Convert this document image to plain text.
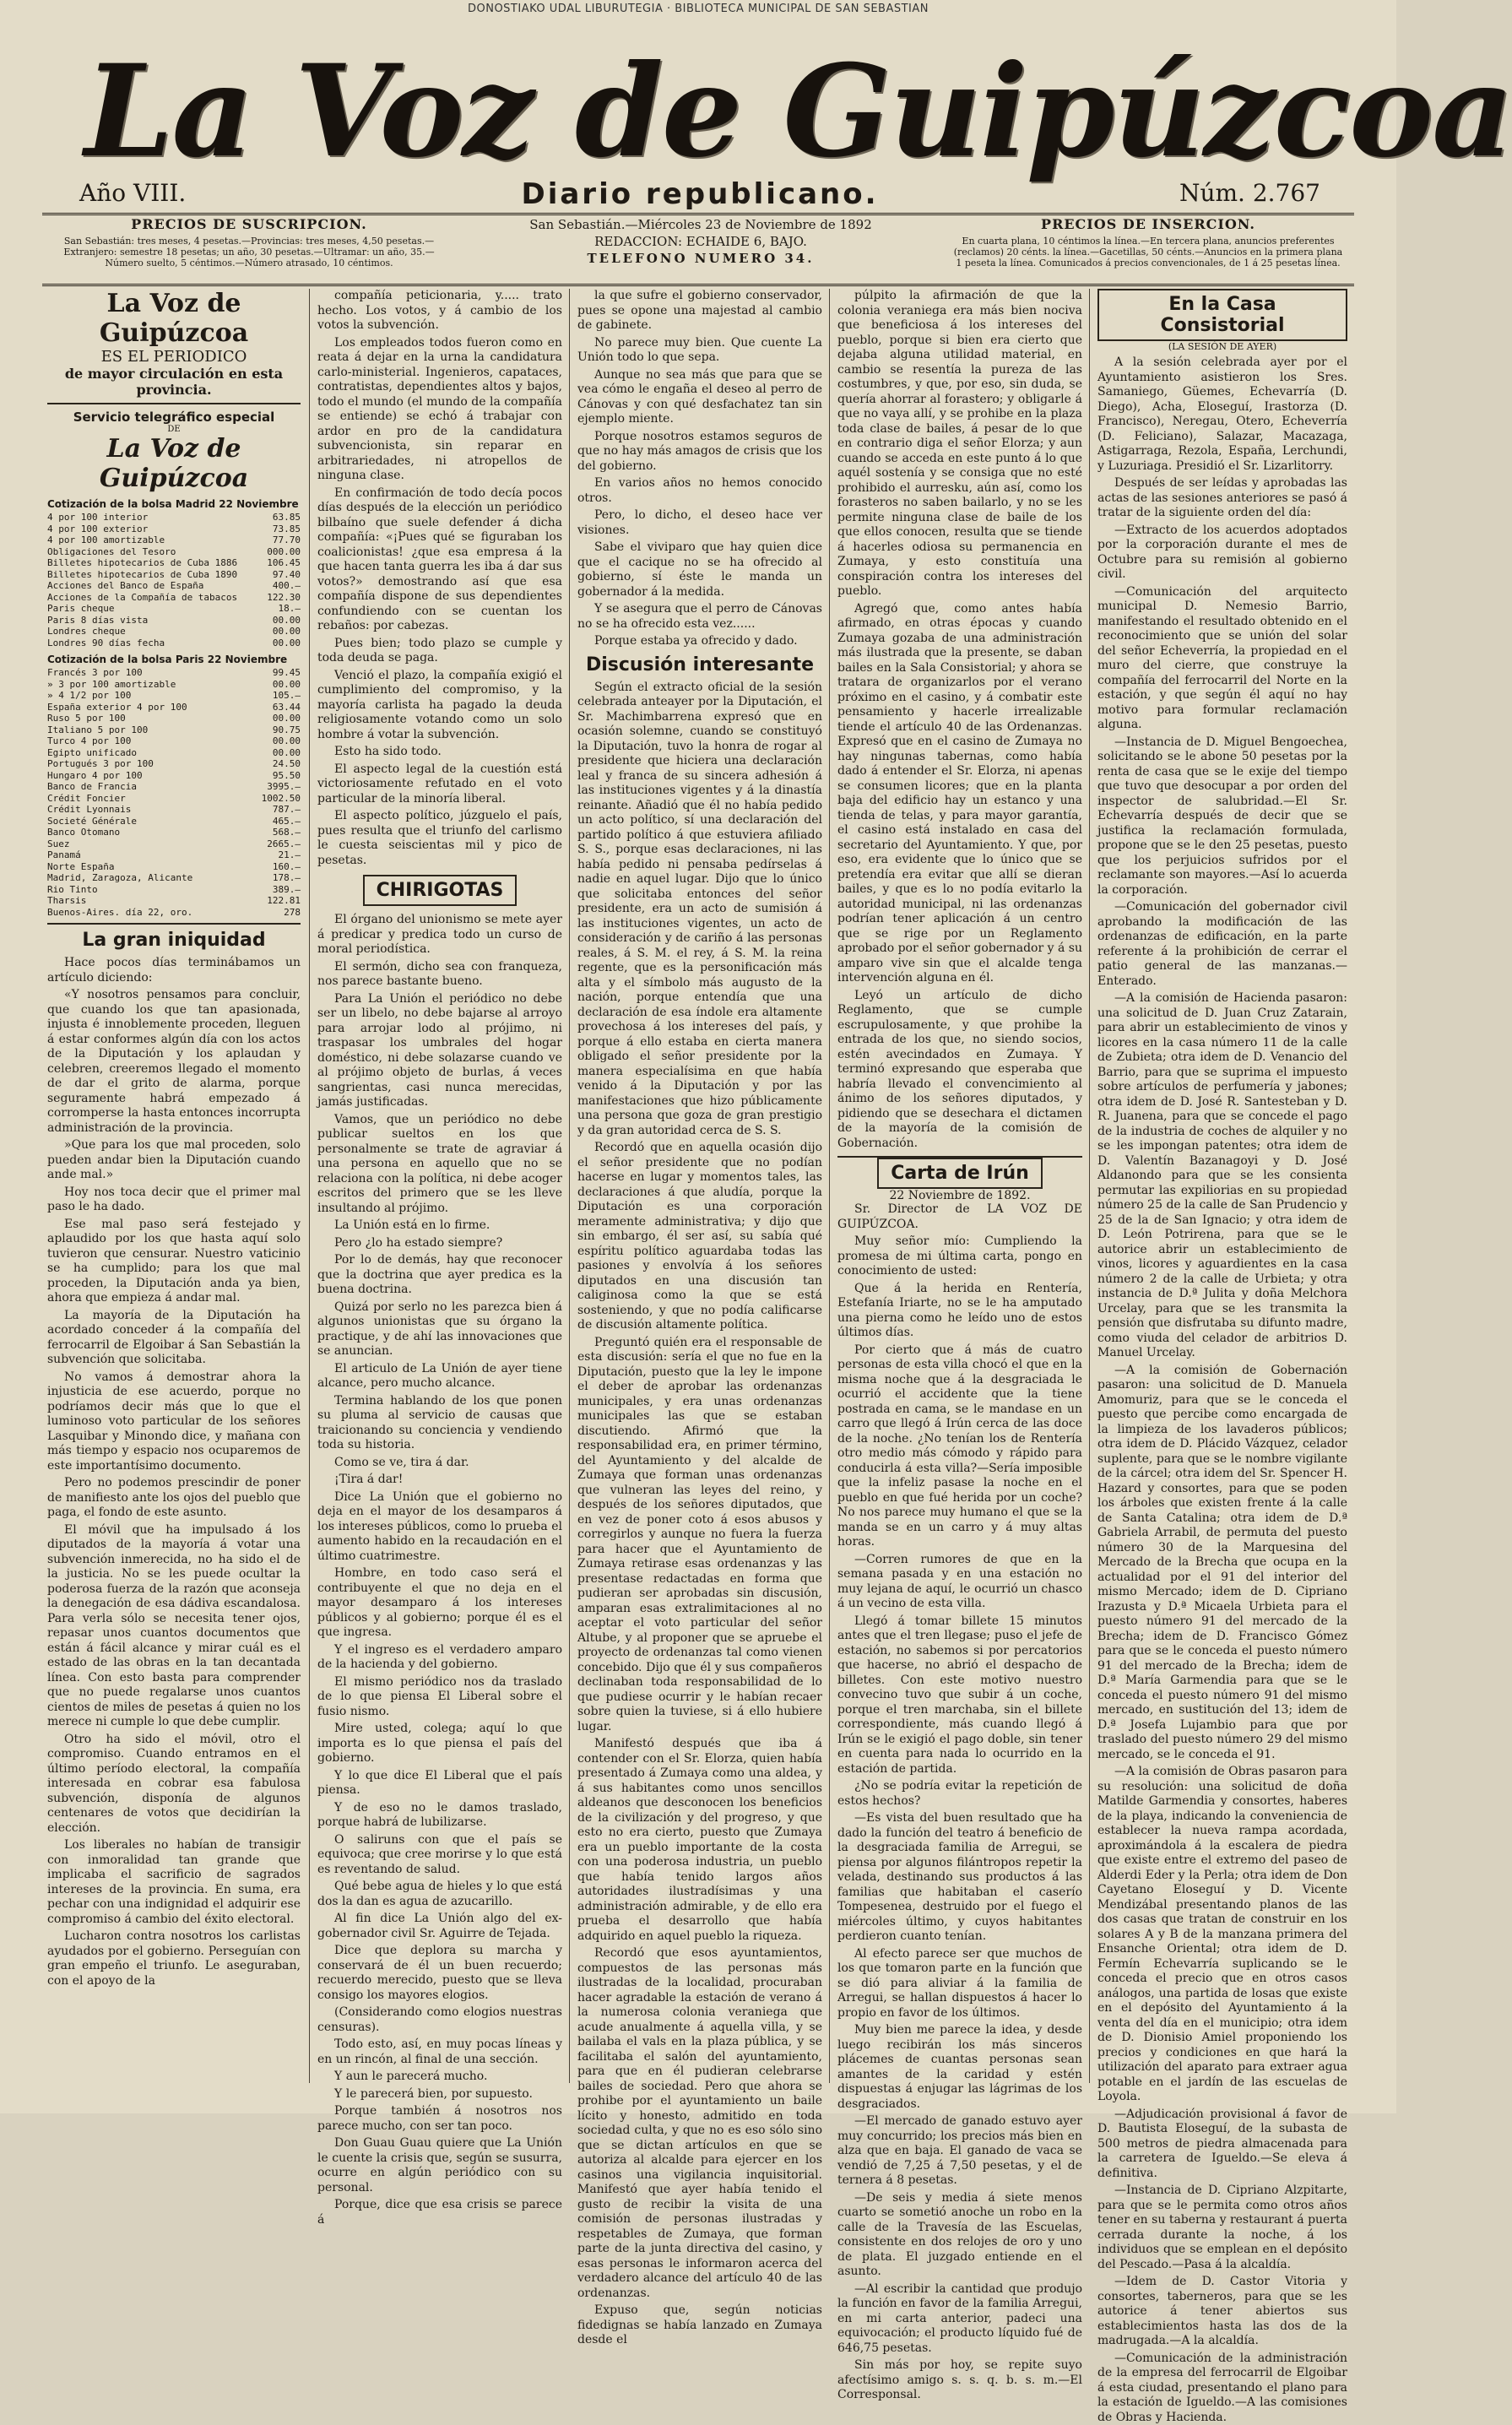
DONOSTIAKO UDAL LIBURUTEGIA · BIBLIOTECA MUNICIPAL DE SAN SEBASTIAN
La Voz de Guipúzcoa
Año VIII.	Diario republicano.	Núm. 2.767
PRECIOS DE SUSCRIPCION.
San Sebastián: tres meses, 4 pesetas.—Provincias: tres meses, 4,50 pesetas.—Extranjero: semestre 18 pesetas; un año, 30 pesetas.—Ultramar: un año, 35.—Número suelto, 5 céntimos.—Número atrasado, 10 céntimos.
San Sebastián.—Miércoles 23 de Noviembre de 1892
REDACCION: ECHAIDE 6, BAJO.
TELEFONO NUMERO 34.
PRECIOS DE INSERCION.
En cuarta plana, 10 céntimos la línea.—En tercera plana, anuncios preferentes (reclamos) 20 cénts. la línea.—Gacetillas, 50 cénts.—Anuncios en la primera plana 1 peseta la línea. Comunicados á precios convencionales, de 1 á 25 pesetas línea.
La Voz de Guipúzcoa
ES EL PERIODICO
de mayor circulación en esta provincia.
Servicio telegráfico especial
DE
La Voz de Guipúzcoa
Cotización de la bolsa Madrid 22 Noviembre
4 por 100 interior	63.85
4 por 100 exterior	73.85
4 por 100 amortizable	77.70
Obligaciones del Tesoro	000.00
Billetes hipotecarios de Cuba 1886	106.45
Billetes hipotecarios de Cuba 1890	97.40
Acciones del Banco de España	400.—
Acciones de la Compañía de tabacos	122.30
Paris cheque	18.—
Paris 8 días vista	00.00
Londres cheque	00.00
Londres 90 días fecha	00.00
Cotización de la bolsa Paris 22 Noviembre
Francés 3 por 100	99.45
» 3 por 100 amortizable	00.00
» 4 1/2 por 100	105.—
España exterior 4 por 100	63.44
Ruso 5 por 100	00.00
Italiano 5 por 100	90.75
Turco 4 por 100	00.00
Egipto unificado	00.00
Portugués 3 por 100	24.50
Hungaro 4 por 100	95.50
Banco de Francia	3995.—
Crédit Foncier	1002.50
Crédit Lyonnais	787.—
Societé Générale	465.—
Banco Otomano	568.—
Suez	2665.—
Panamá	21.—
Norte España	160.—
Madrid, Zaragoza, Alicante	178.—
Rio Tinto	389.—
Tharsis	122.81
Buenos-Aires. día 22, oro.	278
La gran iniquidad

Hace pocos días terminábamos un artículo diciendo:

«Y nosotros pensamos para concluir, que cuando los que tan apasionada, injusta é innoblemente proceden, lleguen á estar conformes algún día con los actos de la Diputación y los aplaudan y celebren, creeremos llegado el momento de dar el grito de alarma, porque seguramente habrá empezado á corromperse la hasta entonces incorrupta administración de la provincia.

»Que para los que mal proceden, solo pueden andar bien la Diputación cuando ande mal.»

Hoy nos toca decir que el primer mal paso le ha dado.

Ese mal paso será festejado y aplaudido por los que hasta aquí solo tuvieron que censurar. Nuestro vaticinio se ha cumplido; para los que mal proceden, la Diputación anda ya bien, ahora que empieza á andar mal.

La mayoría de la Diputación ha acordado conceder á la compañía del ferrocarril de Elgoibar á San Sebastián la subvención que solicitaba.

No vamos á demostrar ahora la injusticia de ese acuerdo, porque no podríamos decir más que lo que el luminoso voto particular de los señores Lasquibar y Minondo dice, y mañana con más tiempo y espacio nos ocuparemos de este importantísimo documento.

Pero no podemos prescindir de poner de manifiesto ante los ojos del pueblo que paga, el fondo de este asunto.

El móvil que ha impulsado á los diputados de la mayoría á votar una subvención inmerecida, no ha sido el de la justicia. No se les puede ocultar la poderosa fuerza de la razón que aconseja la denegación de esa dádiva escandalosa. Para verla sólo se necesita tener ojos, repasar unos cuantos documentos que están á fácil alcance y mirar cuál es el estado de las obras en la tan decantada línea. Con esto basta para comprender que no puede regalarse unos cuantos cientos de miles de pesetas á quien no los merece ni cumple lo que debe cumplir.

Otro ha sido el móvil, otro el compromiso. Cuando entramos en el último período electoral, la compañía interesada en cobrar esa fabulosa subvención, disponía de algunos centenares de votos que decidirían la elección.

Los liberales no habían de transigir con inmoralidad tan grande que implicaba el sacrificio de sagrados intereses de la provincia. En suma, era pechar con una indignidad el adquirir ese compromiso á cambio del éxito electoral.

Lucharon contra nosotros los carlistas ayudados por el gobierno. Perseguían con gran empeño el triunfo. Le aseguraban, con el apoyo de la

compañía peticionaria, y..... trato hecho. Los votos, y á cambio de los votos la subvención.

Los empleados todos fueron como en reata á dejar en la urna la candidatura carlo-ministerial. Ingenieros, capataces, contratistas, dependientes altos y bajos, todo el mundo (el mundo de la compañía se entiende) se echó á trabajar con ardor en pro de la candidatura subvencionista, sin reparar en arbitrariedades, ni atropellos de ninguna clase.

En confirmación de todo decía pocos días después de la elección un periódico bilbaíno que suele defender á dicha compañía: «¡Pues qué se figuraban los coalicionistas! ¿que esa empresa á la que hacen tanta guerra les iba á dar sus votos?» demostrando así que esa compañía dispone de sus dependientes confundiendo con se cuentan los rebaños: por cabezas.

Pues bien; todo plazo se cumple y toda deuda se paga.

Venció el plazo, la compañía exigió el cumplimiento del compromiso, y la mayoría carlista ha pagado la deuda religiosamente votando como un solo hombre á votar la subvención.

Esto ha sido todo.

El aspecto legal de la cuestión está victoriosamente refutado en el voto particular de la minoría liberal.

El aspecto político, júzguelo el país, pues resulta que el triunfo del carlismo le cuesta seiscientas mil y pico de pesetas.

CHIRIGOTAS

El órgano del unionismo se mete ayer á predicar y predica todo un curso de moral periodística.

El sermón, dicho sea con franqueza, nos parece bastante bueno.

Para La Unión el periódico no debe ser un libelo, no debe bajarse al arroyo para arrojar lodo al prójimo, ni traspasar los umbrales del hogar doméstico, ni debe solazarse cuando ve al prójimo objeto de burlas, á veces sangrientas, casi nunca merecidas, jamás justificadas.

Vamos, que un periódico no debe publicar sueltos en los que personalmente se trate de agraviar á una persona en aquello que no se relaciona con la política, ni debe acoger escritos del primero que se les lleve insultando al prójimo.

La Unión está en lo firme.

Pero ¿lo ha estado siempre?

Por lo de demás, hay que reconocer que la doctrina que ayer predica es la buena doctrina.

Quizá por serlo no les parezca bien á algunos unionistas que su órgano la practique, y de ahí las innovaciones que se anuncian.

El articulo de La Unión de ayer tiene alcance, pero mucho alcance.

Termina hablando de los que ponen su pluma al servicio de causas que traicionando su conciencia y vendiendo toda su historia.

Como se ve, tira á dar.

¡Tira á dar!

Dice La Unión que el gobierno no deja en el mayor de los desamparos á los intereses públicos, como lo prueba el aumento habido en la recaudación en el último cuatrimestre.

Hombre, en todo caso será el contribuyente el que no deja en el mayor desamparo á los intereses públicos y al gobierno; porque él es el que ingresa.

Y el ingreso es el verdadero amparo de la hacienda y del gobierno.

El mismo periódico nos da traslado de lo que piensa El Liberal sobre el fusio nismo.

Mire usted, colega; aquí lo que importa es lo que piensa el país del gobierno.

Y lo que dice El Liberal que el país piensa.

Y de eso no le damos traslado, porque habrá de lubilizarse.

O saliruns con que el país se equivoca; que cree morirse y lo que está es reventando de salud.

Qué bebe agua de hieles y lo que está dos la dan es agua de azucarillo.

Al fin dice La Unión algo del ex-gobernador civil Sr. Aguirre de Tejada.

Dice que deplora su marcha y conservará de él un buen recuerdo; recuerdo merecido, puesto que se lleva consigo los mayores elogios.

(Considerando como elogios nuestras censuras).

Todo esto, así, en muy pocas líneas y en un rincón, al final de una sección.

Y aun le parecerá mucho.

Y le parecerá bien, por supuesto.

Porque también á nosotros nos parece mucho, con ser tan poco.

Don Guau Guau quiere que La Unión le cuente la crisis que, según se susurra, ocurre en algún periódico con su personal.

Porque, dice que esa crisis se parece á

la que sufre el gobierno conservador, pues se opone una majestad al cambio de gabinete.

No parece muy bien. Que cuente La Unión todo lo que sepa.

Aunque no sea más que para que se vea cómo le engaña el deseo al perro de Cánovas y con qué desfachatez tan sin ejemplo miente.

Porque nosotros estamos seguros de que no hay más amagos de crisis que los del gobierno.

En varios años no hemos conocido otros.

Pero, lo dicho, el deseo hace ver visiones.

Sabe el viviparo que hay quien dice que el cacique no se ha ofrecido al gobierno, sí éste le manda un gobernador á la medida.

Y se asegura que el perro de Cánovas no se ha ofrecido esta vez......

Porque estaba ya ofrecido y dado.

Discusión interesante

Según el extracto oficial de la sesión celebrada anteayer por la Diputación, el Sr. Machimbarrena expresó que en ocasión solemne, cuando se constituyó la Diputación, tuvo la honra de rogar al presidente que hiciera una declaración leal y franca de su sincera adhesión á las instituciones vigentes y á la dinastía reinante. Añadió que él no había pedido un acto político, sí una declaración del partido político á que estuviera afiliado S. S., porque esas declaraciones, ni las había pedido ni pensaba pedírselas á nadie en aquel lugar. Dijo que lo único que solicitaba entonces del señor presidente, era un acto de sumisión á las instituciones vigentes, un acto de consideración y de cariño á las personas reales, á S. M. el rey, á S. M. la reina regente, que es la personificación más alta y el símbolo más augusto de la nación, porque entendía que una declaración de esa índole era altamente provechosa á los intereses del país, y porque á ello estaba en cierta manera obligado el señor presidente por la manera especialísima en que había venido á la Diputación y por las manifestaciones que hizo públicamente una persona que goza de gran prestigio y da gran autoridad cerca de S. S.

Recordó que en aquella ocasión dijo el señor presidente que no podían hacerse en lugar y momentos tales, las declaraciones á que aludía, porque la Diputación es una corporación meramente administrativa; y dijo que sin embargo, él ser así, su sabía qué espíritu político aguardaba todas las pasiones y envolvía á los señores diputados en una discusión tan caliginosa como la que se está sosteniendo, y que no podía calificarse de discusión altamente política.

Preguntó quién era el responsable de esta discusión: sería el que no fue en la Diputación, puesto que la ley le impone el deber de aprobar las ordenanzas municipales, y era unas ordenanzas municipales las que se estaban discutiendo. Afirmó que la responsabilidad era, en primer término, del Ayuntamiento y del alcalde de Zumaya que forman unas ordenanzas que vulneran las leyes del reino, y después de los señores diputados, que en vez de poner coto á esos abusos y corregirlos y aunque no fuera la fuerza para hacer que el Ayuntamiento de Zumaya retirase esas ordenanzas y las presentase redactadas en forma que pudieran ser aprobadas sin discusión, amparan esas extralimitaciones al no aceptar el voto particular del señor Altube, y al proponer que se apruebe el proyecto de ordenanzas tal como vienen concebido. Dijo que él y sus compañeros declinaban toda responsabilidad de lo que pudiese ocurrir y le habían recaer sobre quien la tuviese, si á ello hubiere lugar.

Manifestó después que iba á contender con el Sr. Elorza, quien había presentado á Zumaya como una aldea, y á sus habitantes como unos sencillos aldeanos que desconocen los beneficios de la civilización y del progreso, y que esto no era cierto, puesto que Zumaya era un pueblo importante de la costa con una poderosa industria, un pueblo que había tenido largos años autoridades ilustradísimas y una administración admirable, y de ello era prueba el desarrollo que había adquirido en aquel pueblo la riqueza.

Recordó que esos ayuntamientos, compuestos de las personas más ilustradas de la localidad, procuraban hacer agradable la estación de verano á la numerosa colonia veraniega que acude anualmente á aquella villa, y se bailaba el vals en la plaza pública, y se facilitaba el salón del ayuntamiento, para que en él pudieran celebrarse bailes de sociedad. Pero que ahora se prohibe por el ayuntamiento un baile lícito y honesto, admitido en toda sociedad culta, y que no es eso sólo sino que se dictan artículos en que se autoriza al alcalde para ejercer en los casinos una vigilancia inquisitorial. Manifestó que ayer había tenido el gusto de recibir la visita de una comisión de personas ilustradas y respetables de Zumaya, que forman parte de la junta directiva del casino, y esas personas le informaron acerca del verdadero alcance del artículo 40 de las ordenanzas.

Expuso que, según noticias fidedignas se había lanzado en Zumaya desde el

púlpito la afirmación de que la colonia veraniega era más bien nociva que beneficiosa á los intereses del pueblo, porque si bien era cierto que dejaba alguna utilidad material, en cambio se resentía la pureza de las costumbres, y que, por eso, sin duda, se quería ahorrar al forastero; y obligarle á que no vaya allí, y se prohibe en la plaza toda clase de bailes, á pesar de lo que en contrario diga el señor Elorza; y aun cuando se acceda en este punto á lo que aquél sostenía y se consiga que no esté prohibido el aurresku, aún así, como los forasteros no saben bailarlo, y no se les permite ninguna clase de baile de los que ellos conocen, resulta que se tiende á hacerles odiosa su permanencia en Zumaya, y esto constituía una conspiración contra los intereses del pueblo.

Agregó que, como antes había afirmado, en otras épocas y cuando Zumaya gozaba de una administración más ilustrada que la presente, se daban bailes en la Sala Consistorial; y ahora se tratara de organizarlos por el verano próximo en el casino, y á combatir este pensamiento y hacerle irrealizable tiende el artículo 40 de las Ordenanzas. Expresó que en el casino de Zumaya no hay ningunas tabernas, como había dado á entender el Sr. Elorza, ni apenas se consumen licores; que en la planta baja del edificio hay un estanco y una tienda de telas, y para mayor garantía, el casino está instalado en casa del secretario del Ayuntamiento. Y que, por eso, era evidente que lo único que se pretendía era evitar que allí se dieran bailes, y que es lo no podía evitarlo la autoridad municipal, ni las ordenanzas podrían tener aplicación á un centro que se rige por un Reglamento aprobado por el señor gobernador y á su amparo vive sin que el alcalde tenga intervención alguna en él.

Leyó un artículo de dicho Reglamento, que se cumple escrupulosamente, y que prohibe la entrada de los que, no siendo socios, estén avecindados en Zumaya. Y terminó expresando que esperaba que habría llevado el convencimiento al ánimo de los señores diputados, y pidiendo que se desechara el dictamen de la mayoría de la comisión de Gobernación.

Carta de Irún
22 Noviembre de 1892.

Sr. Director de LA VOZ DE GUIPÚZCOA.

Muy señor mío: Cumpliendo la promesa de mi última carta, pongo en conocimiento de usted:

Que á la herida en Rentería, Estefanía Iriarte, no se le ha amputado una pierna como he leído uno de estos últimos días.

Por cierto que á más de cuatro personas de esta villa chocó el que en la misma noche que á la desgraciada le ocurrió el accidente que la tiene postrada en cama, se le mandase en un carro que llegó á Irún cerca de las doce de la noche. ¿No tenían los de Rentería otro medio más cómodo y rápido para conducirla á esta villa?—Sería imposible que la infeliz pasase la noche en el pueblo en que fué herida por un coche? No nos parece muy humano el que se la manda se en un carro y á muy altas horas.

—Corren rumores de que en la semana pasada y en una estación no muy lejana de aquí, le ocurrió un chasco á un vecino de esta villa.

Llegó á tomar billete 15 minutos antes que el tren llegase; puso el jefe de estación, no sabemos si por percatorios que hacerse, no abrió el despacho de billetes. Con este motivo nuestro convecino tuvo que subir á un coche, porque el tren marchaba, sin el billete correspondiente, más cuando llegó á Irún se le exigió el pago doble, sin tener en cuenta para nada lo ocurrido en la estación de partida.

¿No se podría evitar la repetición de estos hechos?

—Es vista del buen resultado que ha dado la función del teatro á beneficio de la desgraciada familia de Arregui, se piensa por algunos filántropos repetir la velada, destinando sus productos á las familias que habitaban el caserío Tompesenea, destruido por el fuego el miércoles último, y cuyos habitantes perdieron cuanto tenían.

Al efecto parece ser que muchos de los que tomaron parte en la función que se dió para aliviar á la familia de Arregui, se hallan dispuestos á hacer lo propio en favor de los últimos.

Muy bien me parece la idea, y desde luego recibirán los más sinceros plácemes de cuantas personas sean amantes de la caridad y estén dispuestas á enjugar las lágrimas de los desgraciados.

—El mercado de ganado estuvo ayer muy concurrido; los precios más bien en alza que en baja. El ganado de vaca se vendió de 7,25 á 7,50 pesetas, y el de ternera á 8 pesetas.

—De seis y media á siete menos cuarto se sometió anoche un robo en la calle de la Travesía de las Escuelas, consistente en dos relojes de oro y uno de plata. El juzgado entiende en el asunto.

—Al escribir la cantidad que produjo la función en favor de la familia Arregui, en mi carta anterior, padeci una equivocación; el producto líquido fué de 646,75 pesetas.

Sin más por hoy, se repite suyo afectísimo amigo s. s. q. b. s. m.—El Corresponsal.

En la Casa Consistorial
(LA SESIÓN DE AYER)

A la sesión celebrada ayer por el Ayuntamiento asistieron los Sres. Samaniego, Güemes, Echevarría (D. Diego), Acha, Eloseguí, Irastorza (D. Francisco), Neregau, Otero, Echeverría (D. Feliciano), Salazar, Macazaga, Astigarraga, Rezola, España, Lerchundi, y Luzuriaga. Presidió el Sr. Lizarlitorry.

Después de ser leídas y aprobadas las actas de las sesiones anteriores se pasó á tratar de la siguiente orden del día:

—Extracto de los acuerdos adoptados por la corporación durante el mes de Octubre para su remisión al gobierno civil.

—Comunicación del arquitecto municipal D. Nemesio Barrio, manifestando el resultado obtenido en el reconocimiento que se unión del solar del señor Echeverría, la propiedad en el muro del cierre, que construye la compañía del ferrocarril del Norte en la estación, y que según él aquí no hay motivo para formular reclamación alguna.

—Instancia de D. Miguel Bengoechea, solicitando se le abone 50 pesetas por la renta de casa que se le exije del tiempo que tuvo que desocupar a por orden del inspector de salubridad.—El Sr. Echevarría después de decir que se justifica la reclamación formulada, propone que se le den 25 pesetas, puesto que los perjuicios sufridos por el reclamante son mayores.—Así lo acuerda la corporación.

—Comunicación del gobernador civil aprobando la modificación de las ordenanzas de edificación, en la parte referente á la prohibición de cerrar el patio general de las manzanas.—Enterado.

—A la comisión de Hacienda pasaron: una solicitud de D. Juan Cruz Zatarain, para abrir un establecimiento de vinos y licores en la casa número 11 de la calle de Zubieta; otra idem de D. Venancio del Barrio, para que se suprima el impuesto sobre artículos de perfumería y jabones; otra idem de D. José R. Santesteban y D. R. Juanena, para que se concede el pago de la industria de coches de alquiler y no se les impongan patentes; otra idem de D. Valentín Bazanagoyi y D. José Aldanondo para que se les consienta permutar las expiliorias en su propiedad número 25 de la calle de San Prudencio y 25 de la de San Ignacio; y otra idem de D. León Potrirena, para que se le autorice abrir un establecimiento de vinos, licores y aguardientes en la casa número 2 de la calle de Urbieta; y otra instancia de D.ª Julita y doña Melchora Urcelay, para que se les transmita la pensión que disfrutaba su difunto madre, como viuda del celador de arbitrios D. Manuel Urcelay.

—A la comisión de Gobernación pasaron: una solicitud de D. Manuela Amomuriz, para que se le conceda el puesto que percibe como encargada de la limpieza de los lavaderos públicos; otra idem de D. Plácido Vázquez, celador suplente, para que se le nombre vigilante de la cárcel; otra idem del Sr. Spencer H. Hazard y consortes, para que se poden los árboles que existen frente á la calle de Santa Catalina; otra idem de D.ª Gabriela Arrabil, de permuta del puesto número 30 de la Marquesina del Mercado de la Brecha que ocupa en la actualidad por el 91 del interior del mismo Mercado; idem de D. Cipriano Irazusta y D.ª Micaela Urbieta para el puesto número 91 del mercado de la Brecha; idem de D. Francisco Gómez para que se le conceda el puesto número 91 del mercado de la Brecha; idem de D.ª María Garmendia para que se le conceda el puesto número 91 del mismo mercado, en sustitución del 13; idem de D.ª Josefa Lujambio para que por traslado del puesto número 29 del mismo mercado, se le conceda el 91.

—A la comisión de Obras pasaron para su resolución: una solicitud de doña Matilde Garmendia y consortes, haberes de la playa, indicando la conveniencia de establecer la nueva rampa acordada, aproximándola á la escalera de piedra que existe entre el extremo del paseo de Alderdi Eder y la Perla; otra idem de Don Cayetano Eloseguí y D. Vicente Mendizábal presentando planos de las dos casas que tratan de construir en los solares A y B de la manzana primera del Ensanche Oriental; otra idem de D. Fermín Echevarría suplicando se le conceda el precio que en otros casos análogos, una partida de losas que existe en el depósito del Ayuntamiento á la venta del día en el municipio; otra idem de D. Dionisio Amiel proponiendo los precios y condiciones en que hará la utilización del aparato para extraer agua potable en el jardín de las escuelas de Loyola.

—Adjudicación provisional á favor de D. Bautista Eloseguí, de la subasta de 500 metros de piedra almacenada para la carretera de Igueldo.—Se eleva á definitiva.

—Instancia de D. Cipriano Alzpitarte, para que se le permita como otros años tener en su taberna y restaurant á puerta cerrada durante la noche, á los individuos que se emplean en el depósito del Pescado.—Pasa á la alcaldía.

—Idem de D. Castor Vitoria y consortes, taberneros, para que se les autorice á tener abiertos sus establecimientos hasta las dos de la madrugada.—A la alcaldía.

—Comunicación de la administración de la empresa del ferrocarril de Elgoibar á esta ciudad, presentando el plano para la estación de Igueldo.—A las comisiones de Obras y Hacienda.
